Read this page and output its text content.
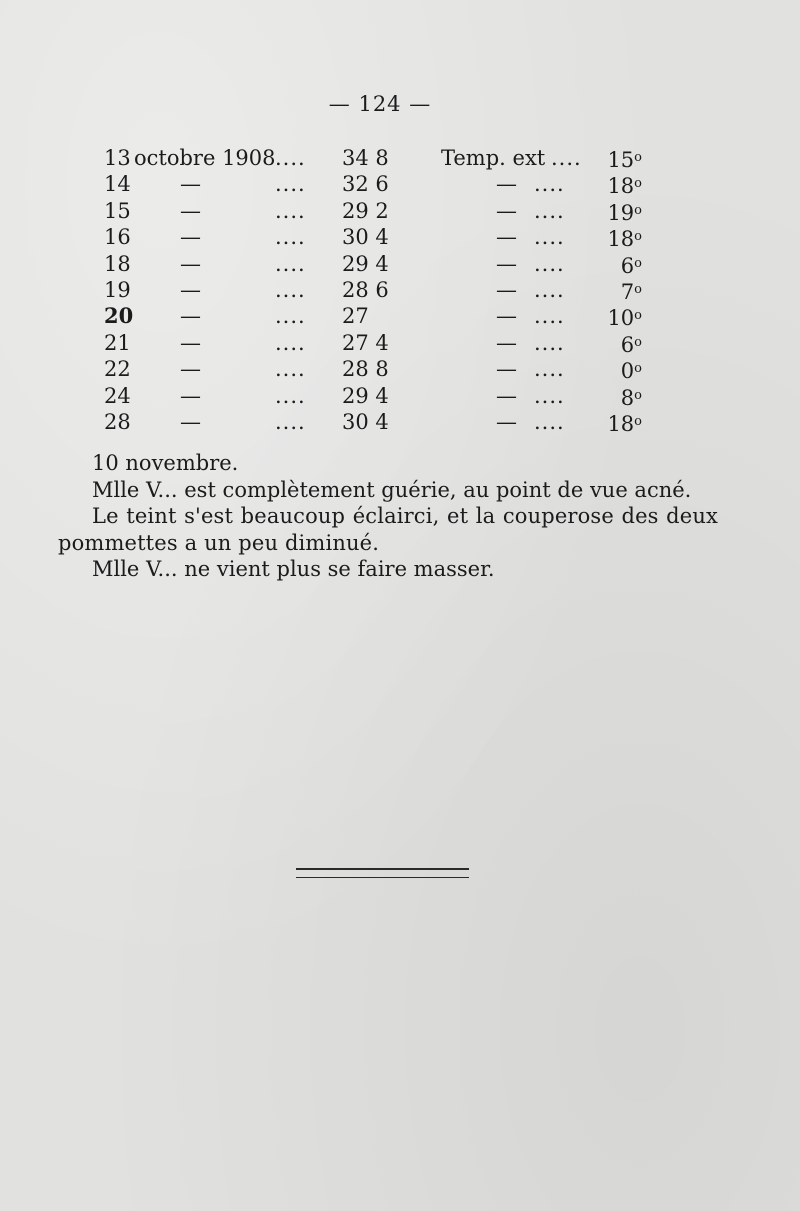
— 124 —
13 octobre 1908 .... 34 8 Temp. ext .... 15$^o$
14 —	.... 32 6	— .... 18$^o$
15 —	.... 29 2	— .... 19$^o$
16 —	.... 30 4	— .... 18$^o$
18 —	.... 29 4	— ....	6$^o$
19 —	.... 28 6	— ....	7$^o$
20 —	.... 27	— .... 10$^o$
21 —	.... 27 4	— ....	6$^o$
22 —	.... 28 8	— ....	0$^o$
24 —	.... 29 4	— ....	8$^o$
28 —	.... 30 4	— .... 18$^o$

10 novembre.

Mlle V... est complètement guérie, au point de vue acné.

Le teint s'est beaucoup éclairci, et la couperose des deux pommettes a un peu diminué.

Mlle V... ne vient plus se faire masser.
